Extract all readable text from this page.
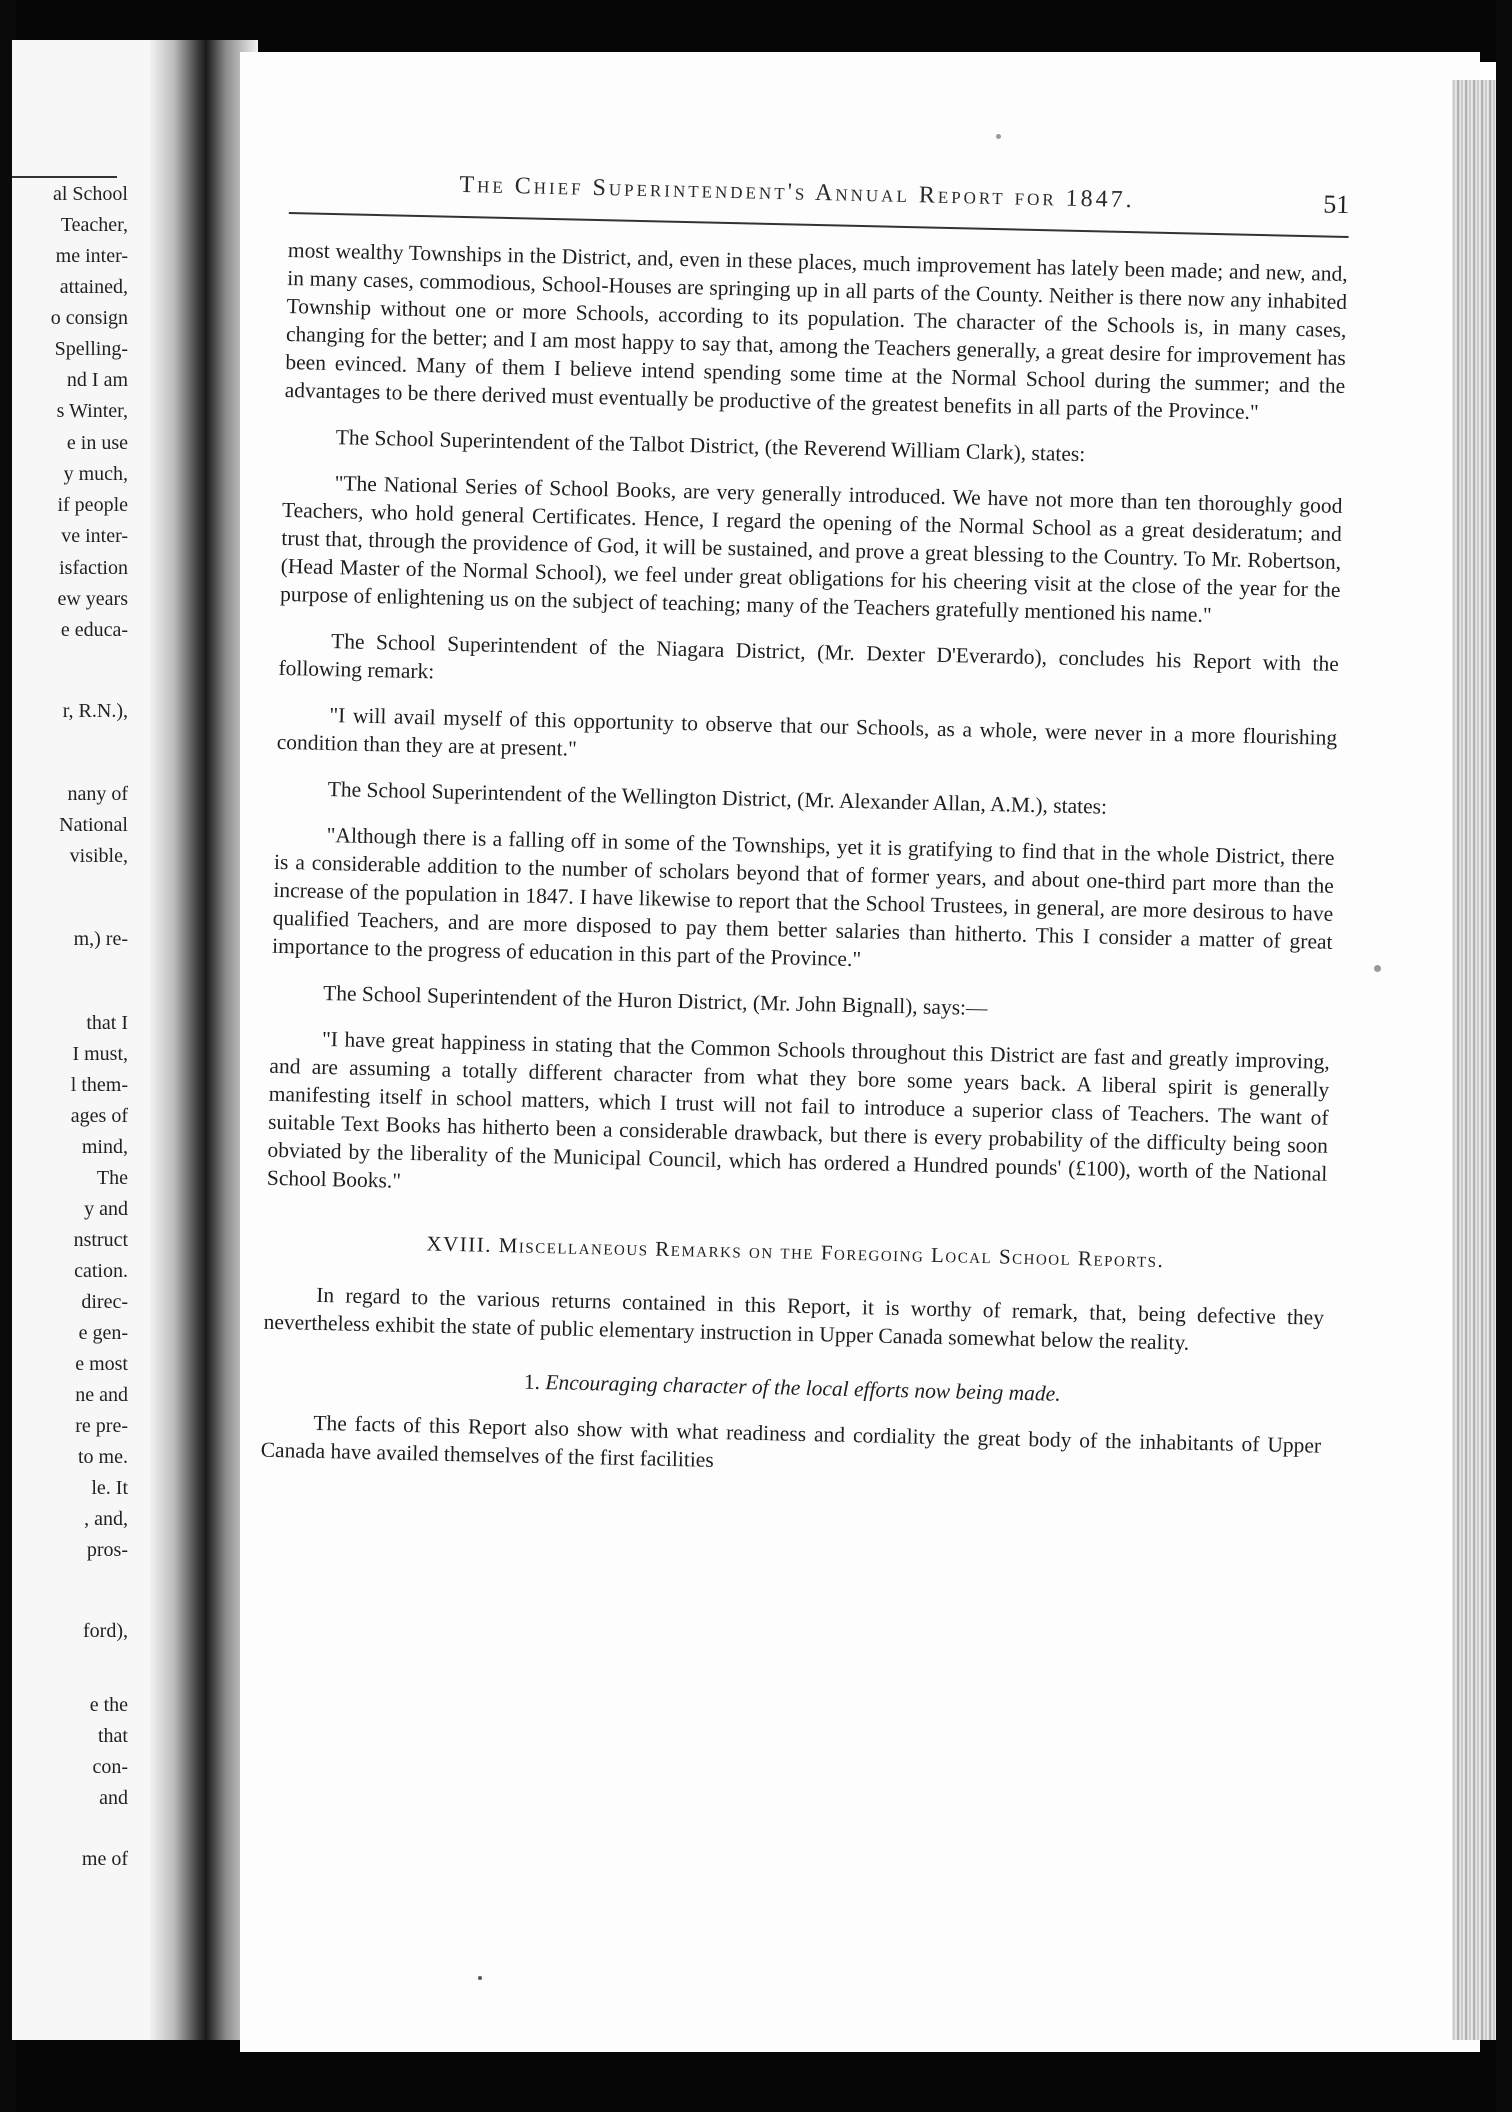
al School
Teacher,
me inter-
attained,
o consign
Spelling-
nd I am
s Winter,
e in use
y much,
if people
ve inter-
isfaction
ew years
e educa-
r, R.N.),
nany of
National
visible,
m,) re-
that I
I must,
l them-
ages of
mind,
The
y and
nstruct
cation.
direc-
e gen-
e most
ne and
re pre-
to me.
le. It
, and,
pros-
ford),
e the
that
con-
and
me of
The Chief Superintendent's Annual Report for 1847.	51

most wealthy Townships in the District, and, even in these places, much improvement has lately been made; and new, and, in many cases, commodious, School-Houses are springing up in all parts of the County. Neither is there now any inhabited Township without one or more Schools, according to its population. The character of the Schools is, in many cases, changing for the better; and I am most happy to say that, among the Teachers generally, a great desire for improvement has been evinced. Many of them I believe intend spending some time at the Normal School during the summer; and the advantages to be there derived must eventually be productive of the greatest benefits in all parts of the Province."

The School Superintendent of the Talbot District, (the Reverend William Clark), states:

"The National Series of School Books, are very generally introduced. We have not more than ten thoroughly good Teachers, who hold general Certificates. Hence, I regard the opening of the Normal School as a great desideratum; and trust that, through the providence of God, it will be sustained, and prove a great blessing to the Country. To Mr. Robertson, (Head Master of the Normal School), we feel under great obligations for his cheering visit at the close of the year for the purpose of enlightening us on the subject of teaching; many of the Teachers gratefully mentioned his name."

The School Superintendent of the Niagara District, (Mr. Dexter D'Everardo), concludes his Report with the following remark:

"I will avail myself of this opportunity to observe that our Schools, as a whole, were never in a more flourishing condition than they are at present."

The School Superintendent of the Wellington District, (Mr. Alexander Allan, A.M.), states:

"Although there is a falling off in some of the Townships, yet it is gratifying to find that in the whole District, there is a considerable addition to the number of scholars beyond that of former years, and about one-third part more than the increase of the population in 1847. I have likewise to report that the School Trustees, in general, are more desirous to have qualified Teachers, and are more disposed to pay them better salaries than hitherto. This I consider a matter of great importance to the progress of education in this part of the Province."

The School Superintendent of the Huron District, (Mr. John Bignall), says:—

"I have great happiness in stating that the Common Schools throughout this District are fast and greatly improving, and are assuming a totally different character from what they bore some years back. A liberal spirit is generally manifesting itself in school matters, which I trust will not fail to introduce a superior class of Teachers. The want of suitable Text Books has hitherto been a considerable drawback, but there is every probability of the difficulty being soon obviated by the liberality of the Municipal Council, which has ordered a Hundred pounds' (£100), worth of the National School Books."

XVIII. Miscellaneous Remarks on the Foregoing Local School Reports.

In regard to the various returns contained in this Report, it is worthy of remark, that, being defective they nevertheless exhibit the state of public elementary instruction in Upper Canada somewhat below the reality.

1. Encouraging character of the local efforts now being made.

The facts of this Report also show with what readiness and cordiality the great body of the inhabitants of Upper Canada have availed themselves of the first facilities
